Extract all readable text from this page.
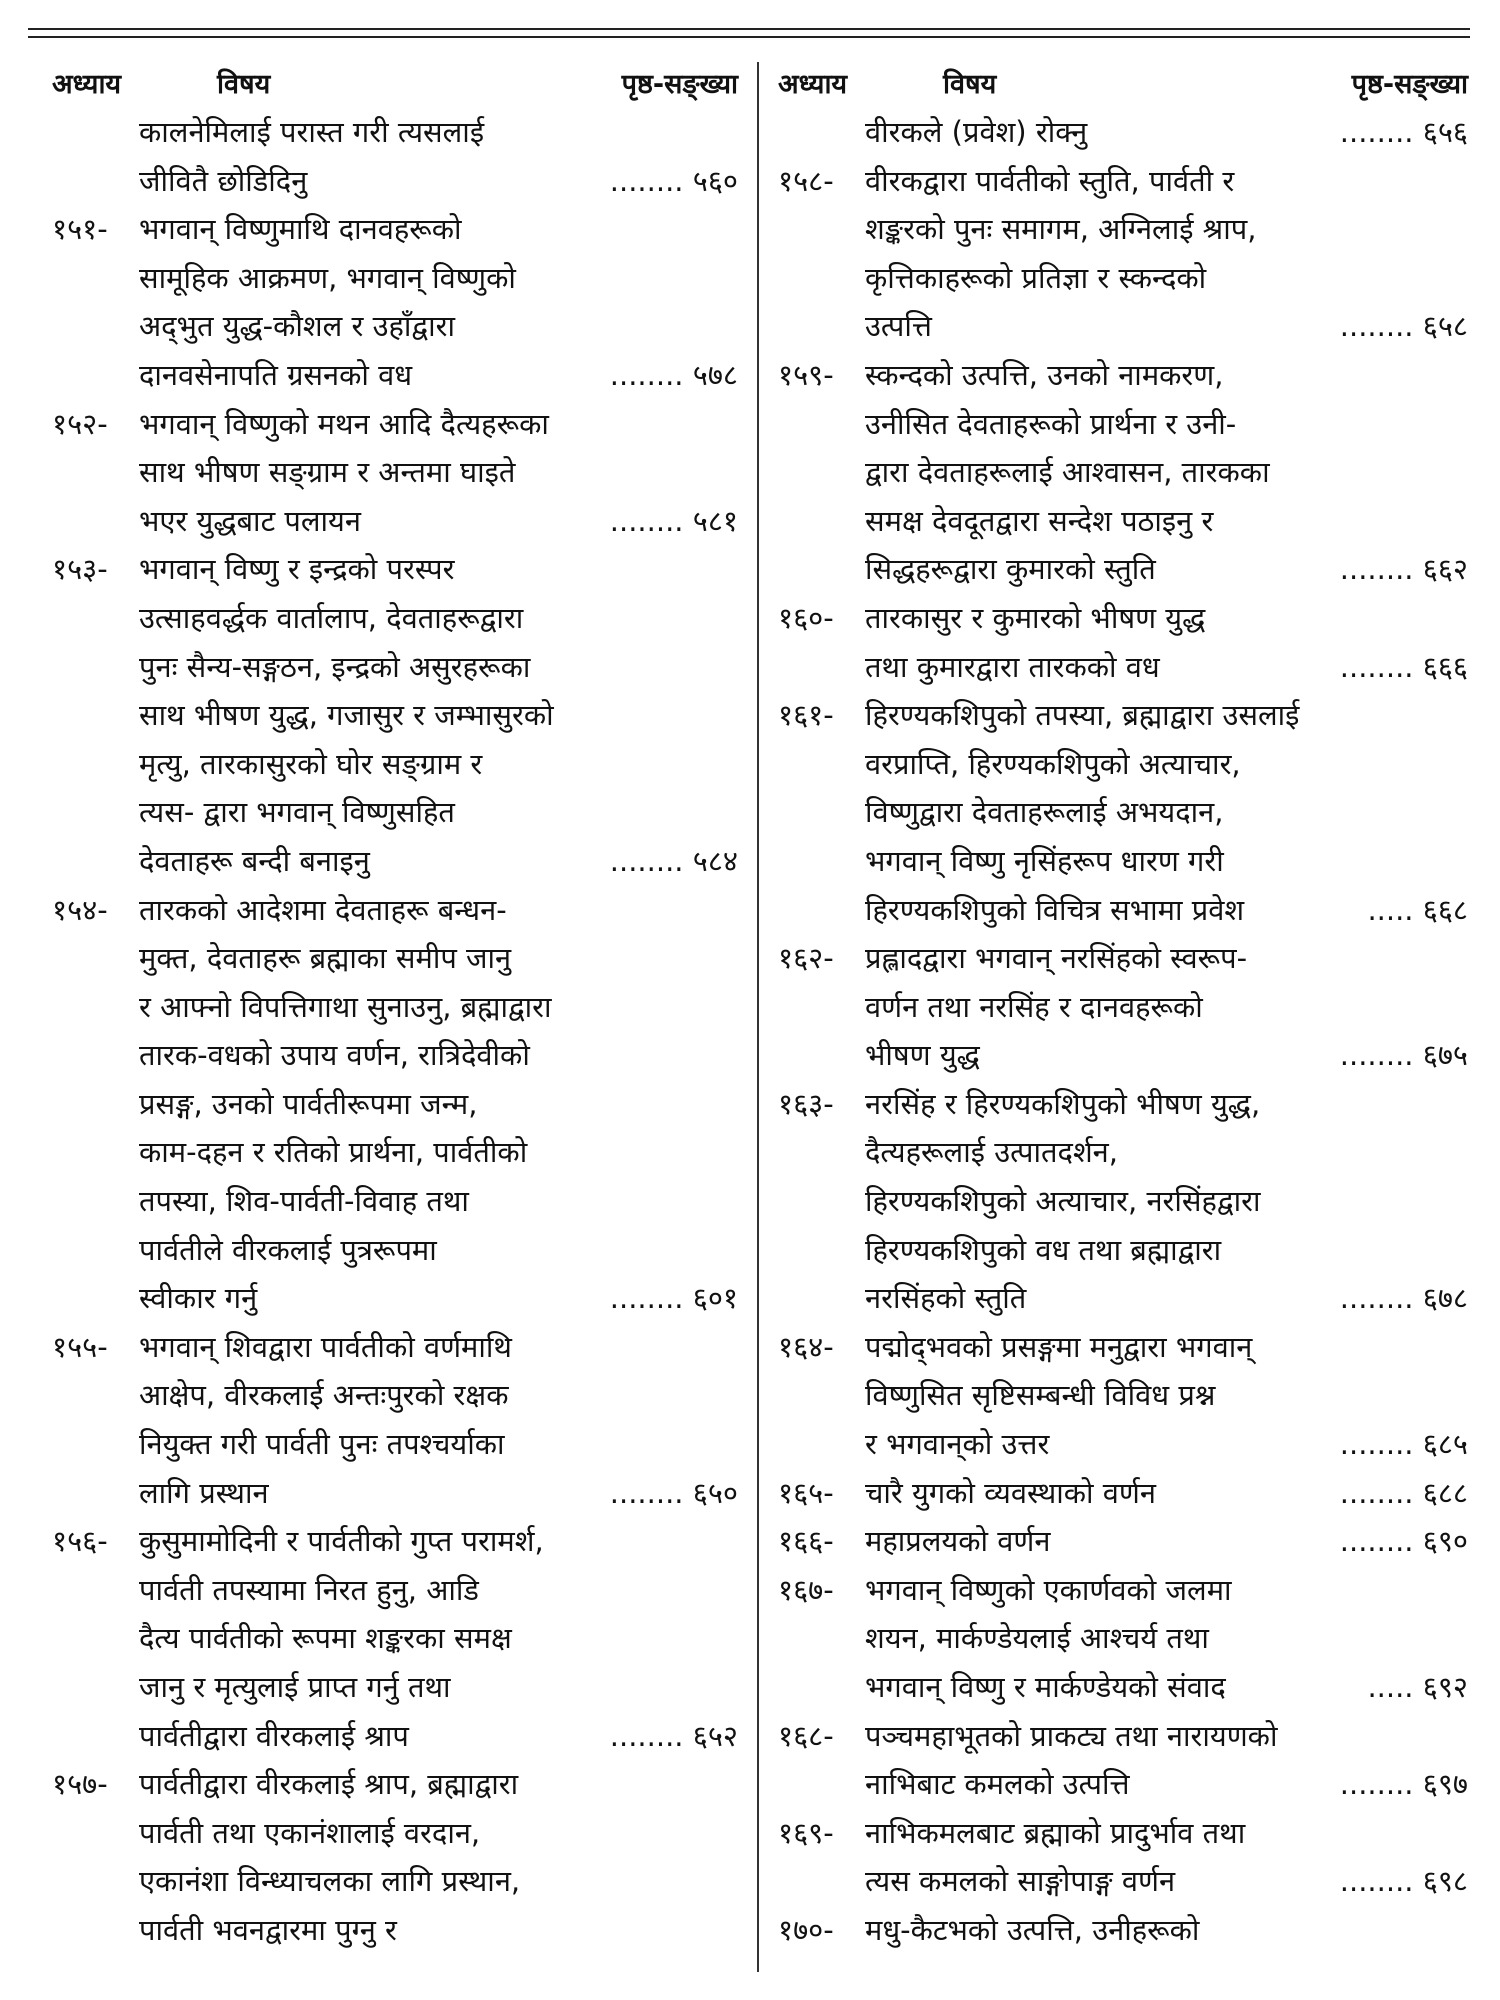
अध्याय	विषय	पृष्ठ-सङ्ख्या
कालनेमिलाई परास्त गरी त्यसलाई
जीवितै छोडिदिनु	........ ५६०
१५१- भगवान् विष्णुमाथि दानवहरूको
सामूहिक आक्रमण, भगवान् विष्णुको
अद्‌भुत युद्ध-कौशल र उहाँद्वारा
दानवसेनापति ग्रसनको वध	........ ५७८
१५२- भगवान् विष्णुको मथन आदि दैत्यहरूका
साथ भीषण सङ्ग्राम र अन्तमा घाइते
भएर युद्धबाट पलायन	........ ५८१
१५३- भगवान् विष्णु र इन्द्रको परस्पर
उत्साहवर्द्धक वार्तालाप, देवताहरूद्वारा
पुनः सैन्य-सङ्गठन, इन्द्रको असुरहरूका
साथ भीषण युद्ध, गजासुर र जम्भासुरको
मृत्यु, तारकासुरको घोर सङ्ग्राम र
त्यस- द्वारा भगवान् विष्णुसहित
देवताहरू बन्दी बनाइनु	........ ५८४
१५४- तारकको आदेशमा देवताहरू बन्धन-
मुक्त, देवताहरू ब्रह्माका समीप जानु
र आफ्नो विपत्तिगाथा सुनाउनु, ब्रह्माद्वारा
तारक-वधको उपाय वर्णन, रात्रिदेवीको
प्रसङ्ग, उनको पार्वतीरूपमा जन्म,
काम-दहन र रतिको प्रार्थना, पार्वतीको
तपस्या, शिव-पार्वती-विवाह तथा
पार्वतीले वीरकलाई पुत्ररूपमा
स्वीकार गर्नु	........ ६०१
१५५- भगवान् शिवद्वारा पार्वतीको वर्णमाथि
आक्षेप, वीरकलाई अन्तःपुरको रक्षक
नियुक्त गरी पार्वती पुनः तपश्चर्याका
लागि प्रस्थान	........ ६५०
१५६- कुसुमामोदिनी र पार्वतीको गुप्त परामर्श,
पार्वती तपस्यामा निरत हुनु, आडि
दैत्य पार्वतीको रूपमा शङ्करका समक्ष
जानु र मृत्युलाई प्राप्त गर्नु तथा
पार्वतीद्वारा वीरकलाई श्राप	........ ६५२
१५७- पार्वतीद्वारा वीरकलाई श्राप, ब्रह्माद्वारा
पार्वती तथा एकानंशालाई वरदान,
एकानंशा विन्ध्याचलका लागि प्रस्थान,
पार्वती भवनद्वारमा पुग्नु र
अध्याय	विषय	पृष्ठ-सङ्ख्या
वीरकले (प्रवेश) रोक्नु	........ ६५६
१५८- वीरकद्वारा पार्वतीको स्तुति, पार्वती र
शङ्करको पुनः समागम, अग्निलाई श्राप,
कृत्तिकाहरूको प्रतिज्ञा र स्कन्दको
उत्पत्ति	........ ६५८
१५९- स्कन्दको उत्पत्ति, उनको नामकरण,
उनीसित देवताहरूको प्रार्थना र उनी-
द्वारा देवताहरूलाई आश्वासन, तारकका
समक्ष देवदूतद्वारा सन्देश पठाइनु र
सिद्धहरूद्वारा कुमारको स्तुति	........ ६६२
१६०- तारकासुर र कुमारको भीषण युद्ध
तथा कुमारद्वारा तारकको वध	........ ६६६
१६१- हिरण्यकशिपुको तपस्या, ब्रह्माद्वारा उसलाई
वरप्राप्ति, हिरण्यकशिपुको अत्याचार,
विष्णुद्वारा देवताहरूलाई अभयदान,
भगवान् विष्णु नृसिंहरूप धारण गरी
हिरण्यकशिपुको विचित्र सभामा प्रवेश	..... ६६८
१६२- प्रह्लादद्वारा भगवान् नरसिंहको स्वरूप-
वर्णन तथा नरसिंह र दानवहरूको
भीषण युद्ध	........ ६७५
१६३- नरसिंह र हिरण्यकशिपुको भीषण युद्ध,
दैत्यहरूलाई उत्पातदर्शन,
हिरण्यकशिपुको अत्याचार, नरसिंहद्वारा
हिरण्यकशिपुको वध तथा ब्रह्माद्वारा
नरसिंहको स्तुति	........ ६७८
१६४- पद्मोद्‌भवको प्रसङ्गमा मनुद्वारा भगवान्
विष्णुसित सृष्टिसम्बन्धी विविध प्रश्न
र भगवान्‌को उत्तर	........ ६८५
१६५- चारै युगको व्यवस्थाको वर्णन	........ ६८८
१६६- महाप्रलयको वर्णन	........ ६९०
१६७- भगवान् विष्णुको एकार्णवको जलमा
शयन, मार्कण्डेयलाई आश्चर्य तथा
भगवान् विष्णु र मार्कण्डेयको संवाद	..... ६९२
१६८- पञ्चमहाभूतको प्राकट्य तथा नारायणको
नाभिबाट कमलको उत्पत्ति	........ ६९७
१६९- नाभिकमलबाट ब्रह्माको प्रादुर्भाव तथा
त्यस कमलको साङ्गोपाङ्ग वर्णन	........ ६९८
१७०- मधु-कैटभको उत्पत्ति, उनीहरूको
